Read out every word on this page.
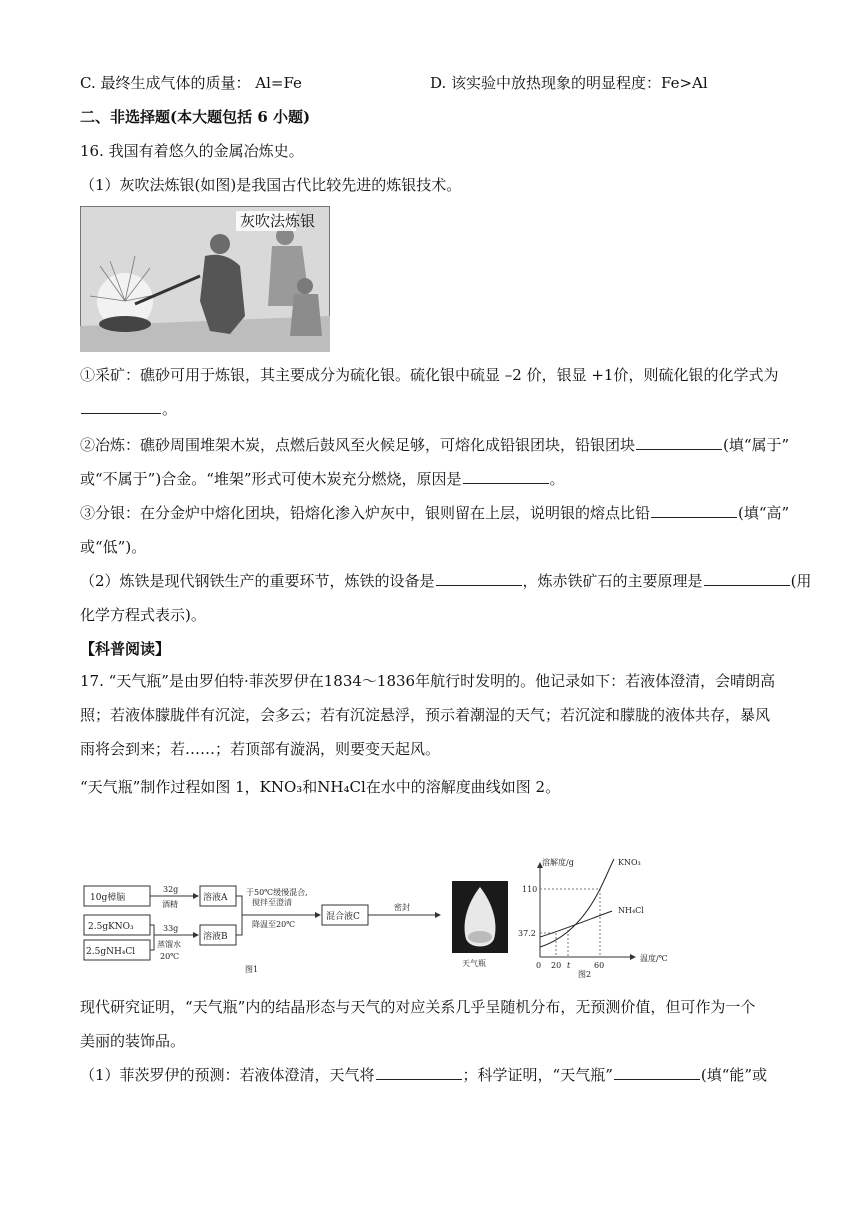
C. 最终生成气体的质量： Al=Fe	D. 该实验中放热现象的明显程度：Fe>Al
二、非选择题(本大题包括 6 小题)
16. 我国有着悠久的金属冶炼史。
（1）灰吹法炼银(如图)是我国古代比较先进的炼银技术。
灰吹法炼银
①采矿：礁砂可用于炼银，其主要成分为硫化银。硫化银中硫显 –2 价，银显 +1价，则硫化银的化学式为
。
②冶炼：礁砂周围堆架木炭，点燃后鼓风至火候足够，可熔化成铅银团块，铅银团块	(填“属于”
或“不属于”)合金。“堆架”形式可使木炭充分燃烧，原因是	。
③分银：在分金炉中熔化团块，铅熔化渗入炉灰中，银则留在上层，说明银的熔点比铅	(填“高”
或“低”)。
（2）炼铁是现代钢铁生产的重要环节，炼铁的设备是	，炼赤铁矿石的主要原理是	(用
化学方程式表示)。
【科普阅读】
17. “天气瓶”是由罗伯特·菲茨罗伊在1834～1836年航行时发明的。他记录如下：若液体澄清，会晴朗高
照；若液体朦胧伴有沉淀，会多云；若有沉淀悬浮，预示着潮湿的天气；若沉淀和朦胧的液体共存，暴风
雨将会到来；若……；若顶部有漩涡，则要变天起风。
“天气瓶”制作过程如图 1，KNO₃和NH₄Cl在水中的溶解度曲线如图 2。
10g樟脑
2.5gKNO₃
2.5gNH₄Cl
32g
酒精
33g
蒸馏水
20℃
溶液A
溶液B
于50℃缓慢混合,
搅拌至澄清
降温至20℃
混合液C
密封
天气瓶
图1
溶解度/g
温度/℃
110
37.2
0 20 t	60
KNO₃
NH₄Cl
图2
现代研究证明，“天气瓶”内的结晶形态与天气的对应关系几乎呈随机分布，无预测价值，但可作为一个
美丽的装饰品。
（1）菲茨罗伊的预测：若液体澄清，天气将	；科学证明，“天气瓶”	(填“能”或
